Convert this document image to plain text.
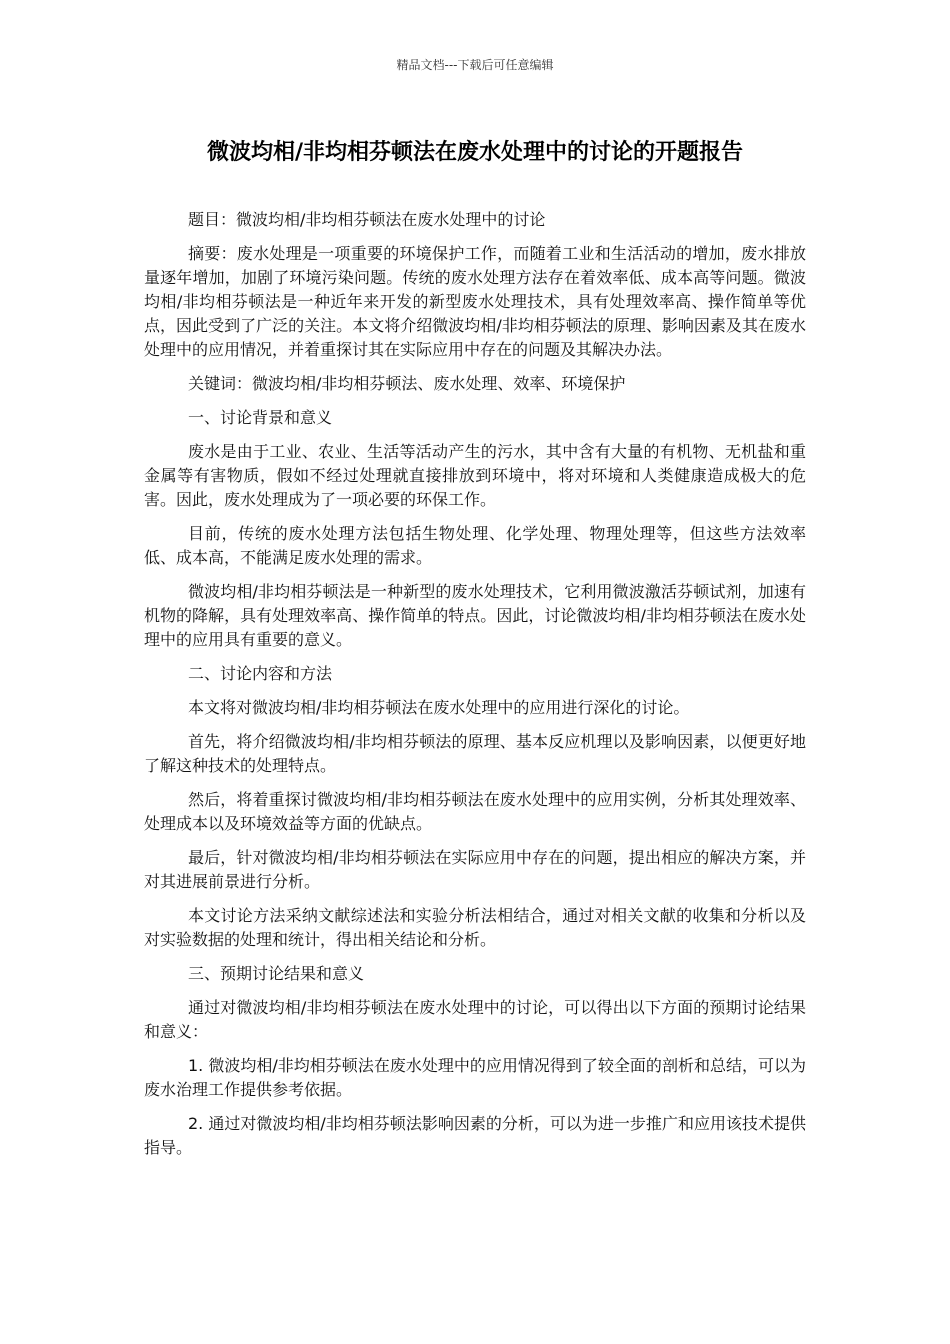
精品文档---下载后可任意编辑
微波均相/非均相芬顿法在废水处理中的讨论的开题报告

题目：微波均相/非均相芬顿法在废水处理中的讨论

摘要：废水处理是一项重要的环境保护工作，而随着工业和生活活动的增加，废水排放量逐年增加，加剧了环境污染问题。传统的废水处理方法存在着效率低、成本高等问题。微波均相/非均相芬顿法是一种近年来开发的新型废水处理技术，具有处理效率高、操作简单等优点，因此受到了广泛的关注。本文将介绍微波均相/非均相芬顿法的原理、影响因素及其在废水处理中的应用情况，并着重探讨其在实际应用中存在的问题及其解决办法。

关键词：微波均相/非均相芬顿法、废水处理、效率、环境保护

一、讨论背景和意义

废水是由于工业、农业、生活等活动产生的污水，其中含有大量的有机物、无机盐和重金属等有害物质，假如不经过处理就直接排放到环境中，将对环境和人类健康造成极大的危害。因此，废水处理成为了一项必要的环保工作。

目前，传统的废水处理方法包括生物处理、化学处理、物理处理等，但这些方法效率低、成本高，不能满足废水处理的需求。

微波均相/非均相芬顿法是一种新型的废水处理技术，它利用微波激活芬顿试剂，加速有机物的降解，具有处理效率高、操作简单的特点。因此，讨论微波均相/非均相芬顿法在废水处理中的应用具有重要的意义。

二、讨论内容和方法

本文将对微波均相/非均相芬顿法在废水处理中的应用进行深化的讨论。

首先，将介绍微波均相/非均相芬顿法的原理、基本反应机理以及影响因素，以便更好地了解这种技术的处理特点。

然后，将着重探讨微波均相/非均相芬顿法在废水处理中的应用实例，分析其处理效率、处理成本以及环境效益等方面的优缺点。

最后，针对微波均相/非均相芬顿法在实际应用中存在的问题，提出相应的解决方案，并对其进展前景进行分析。

本文讨论方法采纳文献综述法和实验分析法相结合，通过对相关文献的收集和分析以及对实验数据的处理和统计，得出相关结论和分析。

三、预期讨论结果和意义

通过对微波均相/非均相芬顿法在废水处理中的讨论，可以得出以下方面的预期讨论结果和意义：

1. 微波均相/非均相芬顿法在废水处理中的应用情况得到了较全面的剖析和总结，可以为废水治理工作提供参考依据。

2. 通过对微波均相/非均相芬顿法影响因素的分析，可以为进一步推广和应用该技术提供指导。
